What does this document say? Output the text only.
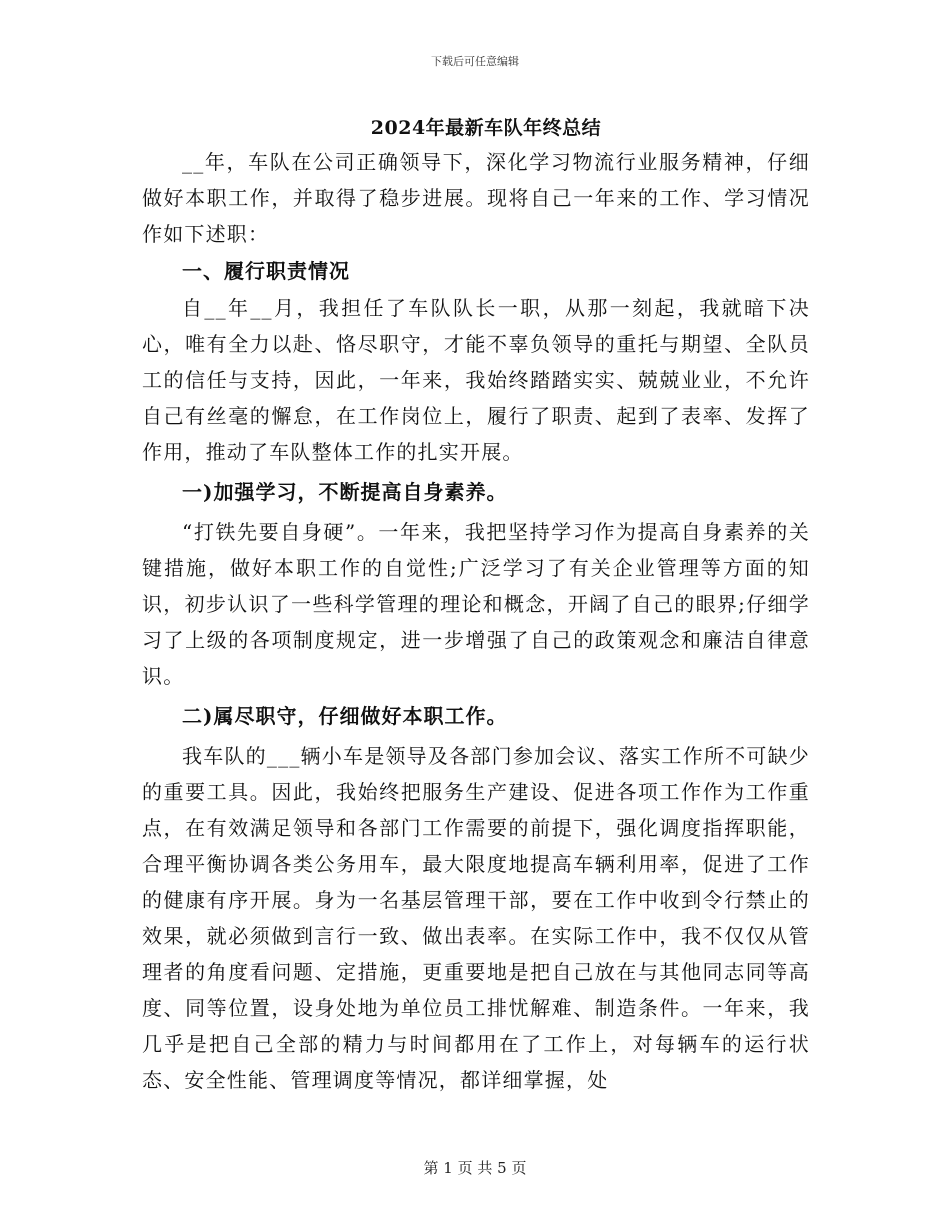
下载后可任意编辑
2024年最新车队年终总结

__年，车队在公司正确领导下，深化学习物流行业服务精神，仔细做好本职工作，并取得了稳步进展。现将自己一年来的工作、学习情况作如下述职：

一、履行职责情况

自__年__月，我担任了车队队长一职，从那一刻起，我就暗下决心，唯有全力以赴、恪尽职守，才能不辜负领导的重托与期望、全队员工的信任与支持，因此，一年来，我始终踏踏实实、兢兢业业，不允许自己有丝毫的懈怠，在工作岗位上，履行了职责、起到了表率、发挥了作用，推动了车队整体工作的扎实开展。

一)加强学习，不断提高自身素养。

“打铁先要自身硬”。一年来，我把坚持学习作为提高自身素养的关键措施，做好本职工作的自觉性;广泛学习了有关企业管理等方面的知识，初步认识了一些科学管理的理论和概念，开阔了自己的眼界;仔细学习了上级的各项制度规定，进一步增强了自己的政策观念和廉洁自律意识。

二)属尽职守，仔细做好本职工作。

我车队的___辆小车是领导及各部门参加会议、落实工作所不可缺少的重要工具。因此，我始终把服务生产建设、促进各项工作作为工作重点，在有效满足领导和各部门工作需要的前提下，强化调度指挥职能，合理平衡协调各类公务用车，最大限度地提高车辆利用率，促进了工作的健康有序开展。身为一名基层管理干部，要在工作中收到令行禁止的效果，就必须做到言行一致、做出表率。在实际工作中，我不仅仅从管理者的角度看问题、定措施，更重要地是把自己放在与其他同志同等高度、同等位置，设身处地为单位员工排忧解难、制造条件。一年来，我几乎是把自己全部的精力与时间都用在了工作上，对每辆车的运行状态、安全性能、管理调度等情况，都详细掌握，处

第 1 页 共 5 页
